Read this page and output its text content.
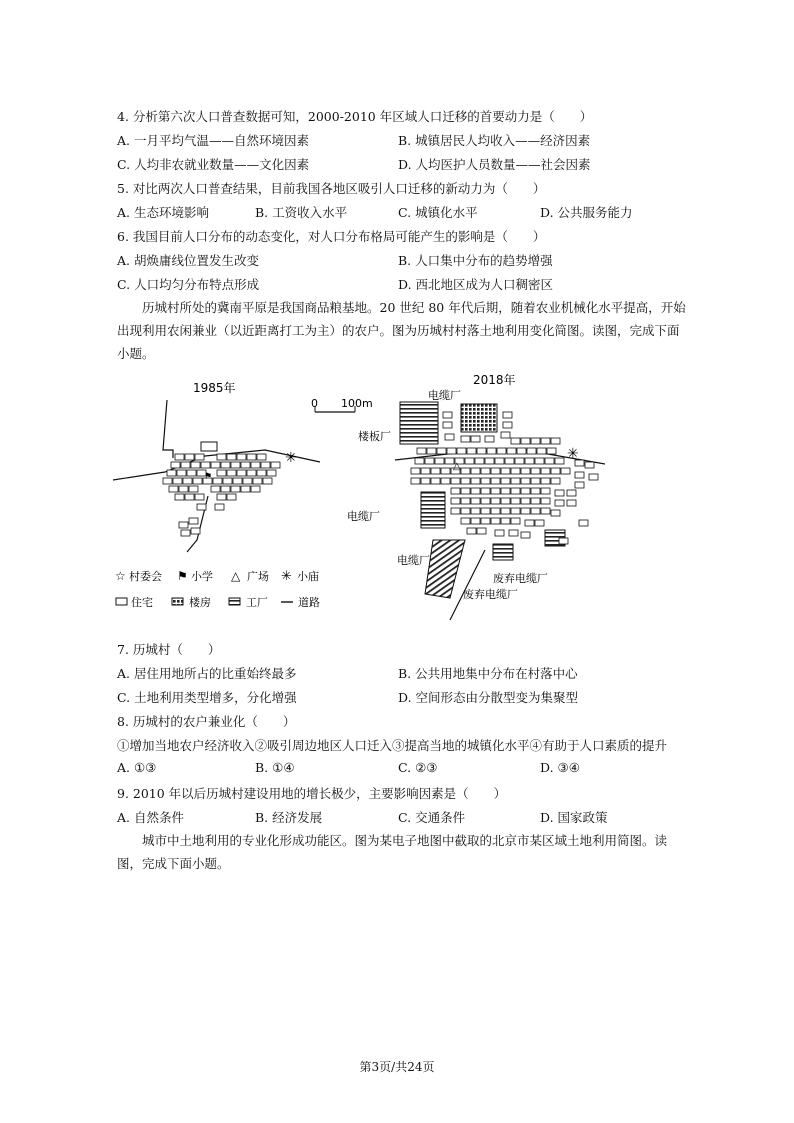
4. 分析第六次人口普查数据可知，2000-2010 年区域人口迁移的首要动力是（　　）
A. 一月平均气温——自然环境因素	B. 城镇居民人均收入——经济因素
C. 人均非农就业数量——文化因素	D. 人均医护人员数量——社会因素
5. 对比两次人口普查结果，目前我国各地区吸引人口迁移的新动力为（　　）
A. 生态环境影响	B. 工资收入水平	C. 城镇化水平	D. 公共服务能力
6. 我国目前人口分布的动态变化，对人口分布格局可能产生的影响是（　　）
A. 胡焕庸线位置发生改变	B. 人口集中分布的趋势增强
C. 人口均匀分布特点形成	D. 西北地区成为人口稠密区
历城村所处的冀南平原是我国商品粮基地。20 世纪 80 年代后期，随着农业机械化水平提高，开始出现利用农闲兼业（以近距离打工为主）的农户。图为历城村村落土地利用变化简图。读图，完成下面小题。
1985年
2018年
0 100m
⚑
✳
△
✳
电缆厂
楼板厂
电缆厂
电缆厂
废弃电缆厂
废弃电缆厂
☆ 村委会 ⚑ 小学 △ 广场 ✳ 小庙
住宅	楼房	工厂	道路
7. 历城村（　　）
A. 居住用地所占的比重始终最多	B. 公共用地集中分布在村落中心
C. 土地利用类型增多，分化增强	D. 空间形态由分散型变为集聚型
8. 历城村的农户兼业化（　　）
①增加当地农户经济收入②吸引周边地区人口迁入③提高当地的城镇化水平④有助于人口素质的提升
A. ①③	B. ①④	C. ②③	D. ③④
9. 2010 年以后历城村建设用地的增长极少，主要影响因素是（　　）
A. 自然条件	B. 经济发展	C. 交通条件	D. 国家政策
城市中土地利用的专业化形成功能区。图为某电子地图中截取的北京市某区域土地利用简图。读图，完成下面小题。
第3页/共24页
